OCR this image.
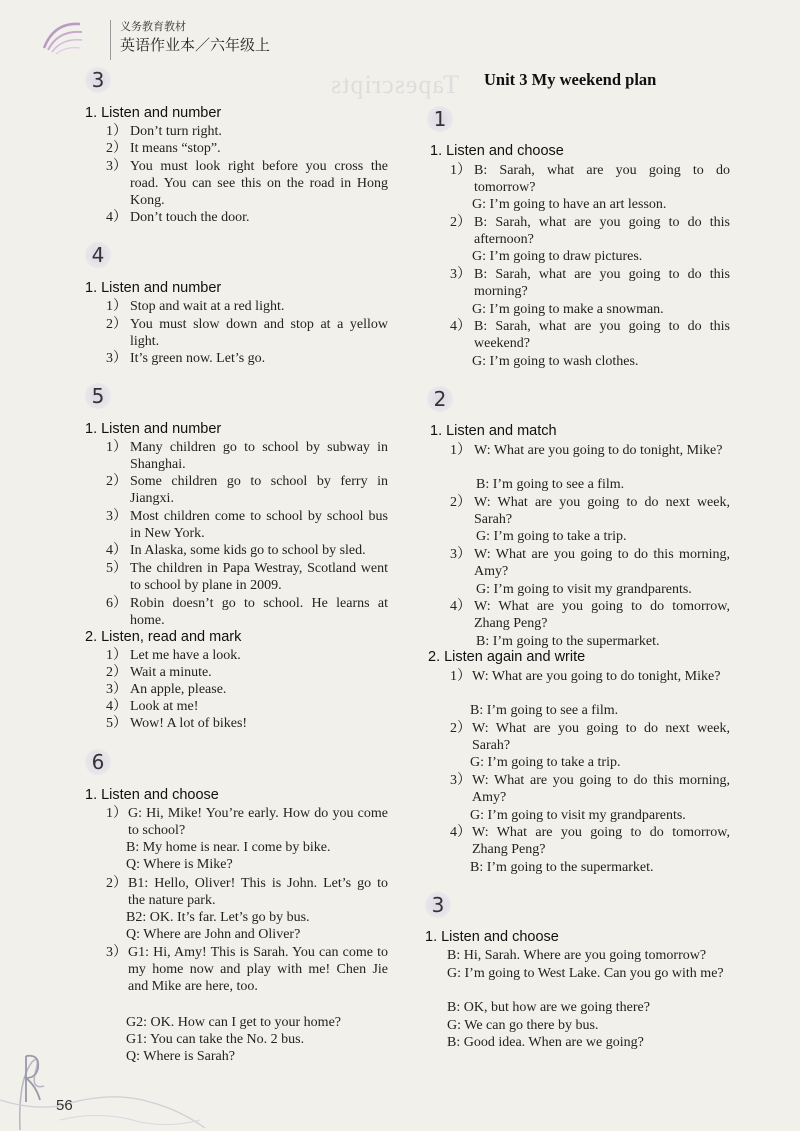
义务教育教材
英语作业本／六年级上
Tapescripts Unit 3 My weekend plan
3
1. Listen and number
1） Don’t turn right.
2） It means “stop”.
3） You must look right before you cross the road. You can see this on the road in Hong Kong.
4） Don’t touch the door.
4
1. Listen and number
1） Stop and wait at a red light.
2） You must slow down and stop at a yellow light.
3） It’s green now. Let’s go.
5
1. Listen and number
1） Many children go to school by subway in Shanghai.
2） Some children go to school by ferry in Jiangxi.
3） Most children come to school by school bus in New York.
4） In Alaska, some kids go to school by sled.
5） The children in Papa Westray, Scotland went to school by plane in 2009.
6） Robin doesn’t go to school. He learns at home.
2. Listen, read and mark
1） Let me have a look.
2） Wait a minute.
3） An apple, please.
4） Look at me!
5） Wow! A lot of bikes!
6
1. Listen and choose
1） G: Hi, Mike! You’re early. How do you come to school?
B: My home is near. I come by bike.
Q: Where is Mike?
2） B1: Hello, Oliver! This is John. Let’s go to the nature park.
B2: OK. It’s far. Let’s go by bus.
Q: Where are John and Oliver?
3） G1: Hi, Amy! This is Sarah. You can come to my home now and play with me! Chen Jie and Mike are here, too.
G2: OK. How can I get to your home?
G1: You can take the No. 2 bus.
Q: Where is Sarah?
1
1. Listen and choose
1） B: Sarah, what are you going to do tomorrow?
G: I’m going to have an art lesson.
2） B: Sarah, what are you going to do this afternoon?
G: I’m going to draw pictures.
3） B: Sarah, what are you going to do this morning?
G: I’m going to make a snowman.
4） B: Sarah, what are you going to do this weekend?
G: I’m going to wash clothes.
2
1. Listen and match
1） W: What are you going to do tonight, Mike?
B: I’m going to see a film.
2） W: What are you going to do next week, Sarah?
G: I’m going to take a trip.
3） W: What are you going to do this morning, Amy?
G: I’m going to visit my grandparents.
4） W: What are you going to do tomorrow, Zhang Peng?
B: I’m going to the supermarket.
2. Listen again and write
1） W: What are you going to do tonight, Mike?
B: I’m going to see a film.
2） W: What are you going to do next week, Sarah?
G: I’m going to take a trip.
3） W: What are you going to do this morning, Amy?
G: I’m going to visit my grandparents.
4） W: What are you going to do tomorrow, Zhang Peng?
B: I’m going to the supermarket.
3
1. Listen and choose
B: Hi, Sarah. Where are you going tomorrow?
G: I’m going to West Lake. Can you go with me?
B: OK, but how are we going there?
G: We can go there by bus.
B: Good idea. When are we going?
56
